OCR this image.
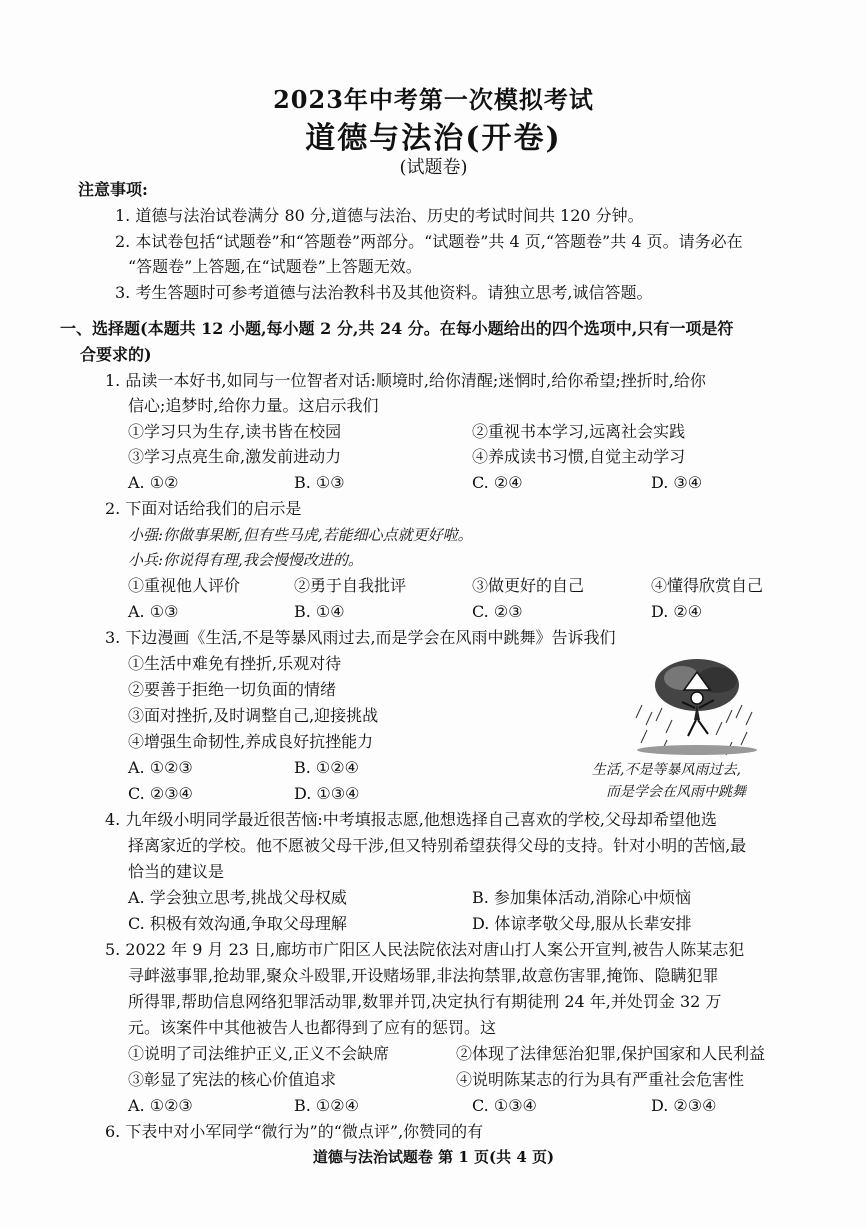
2023年中考第一次模拟考试
道德与法治(开卷)
(试题卷)
注意事项:
1. 道德与法治试卷满分 80 分,道德与法治、历史的考试时间共 120 分钟。
2. 本试卷包括“试题卷”和“答题卷”两部分。“试题卷”共 4 页,“答题卷”共 4 页。请务必在
“答题卷”上答题,在“试题卷”上答题无效。
3. 考生答题时可参考道德与法治教科书及其他资料。请独立思考,诚信答题。
一、选择题(本题共 12 小题,每小题 2 分,共 24 分。在每小题给出的四个选项中,只有一项是符
合要求的)
1. 品读一本好书,如同与一位智者对话:顺境时,给你清醒;迷惘时,给你希望;挫折时,给你
信心;追梦时,给你力量。这启示我们
①学习只为生存,读书皆在校园	②重视书本学习,远离社会实践
③学习点亮生命,激发前进动力	④养成读书习惯,自觉主动学习
A. ①②	B. ①③	C. ②④	D. ③④
2. 下面对话给我们的启示是
小强:你做事果断,但有些马虎,若能细心点就更好啦。
小兵:你说得有理,我会慢慢改进的。
①重视他人评价	②勇于自我批评	③做更好的自己	④懂得欣赏自己
A. ①③	B. ①④	C. ②③	D. ②④
3. 下边漫画《生活,不是等暴风雨过去,而是学会在风雨中跳舞》告诉我们
①生活中难免有挫折,乐观对待
②要善于拒绝一切负面的情绪
③面对挫折,及时调整自己,迎接挑战
④增强生命韧性,养成良好抗挫能力
A. ①②③	B. ①②④
C. ②③④	D. ①③④
生活,不是等暴风雨过去,
而是学会在风雨中跳舞
4. 九年级小明同学最近很苦恼:中考填报志愿,他想选择自己喜欢的学校,父母却希望他选
择离家近的学校。他不愿被父母干涉,但又特别希望获得父母的支持。针对小明的苦恼,最
恰当的建议是
A. 学会独立思考,挑战父母权威	B. 参加集体活动,消除心中烦恼
C. 积极有效沟通,争取父母理解	D. 体谅孝敬父母,服从长辈安排
5. 2022 年 9 月 23 日,廊坊市广阳区人民法院依法对唐山打人案公开宣判,被告人陈某志犯
寻衅滋事罪,抢劫罪,聚众斗殴罪,开设赌场罪,非法拘禁罪,故意伤害罪,掩饰、隐瞒犯罪
所得罪,帮助信息网络犯罪活动罪,数罪并罚,决定执行有期徒刑 24 年,并处罚金 32 万
元。该案件中其他被告人也都得到了应有的惩罚。这
①说明了司法维护正义,正义不会缺席	②体现了法律惩治犯罪,保护国家和人民利益
③彰显了宪法的核心价值追求	④说明陈某志的行为具有严重社会危害性
A. ①②③	B. ①②④	C. ①③④	D. ②③④
6. 下表中对小军同学“微行为”的“微点评”,你赞同的有
道德与法治试题卷 第 1 页(共 4 页)
